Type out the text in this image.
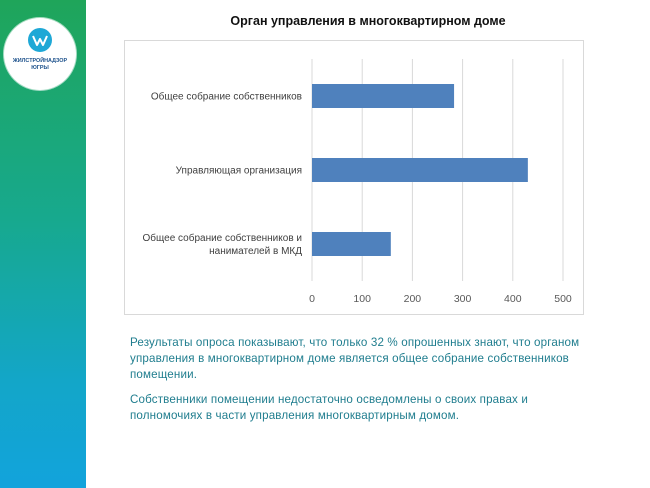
ЖИЛСТРОЙНАДЗОР
ЮГРЫ
Орган управления в многоквартирном доме
0	100	200	300	400	500
Общее собрание собственников
Управляющая организация
Общее собрание собственников и
нанимателей в МКД
Результаты опроса показывают, что только 32 % опрошенных знают, что органом управления в многоквартирном доме является общее собрание собственников помещении.
Собственники помещении недостаточно осведомлены о своих правах и полномочиях в части управления многоквартирным домом.
